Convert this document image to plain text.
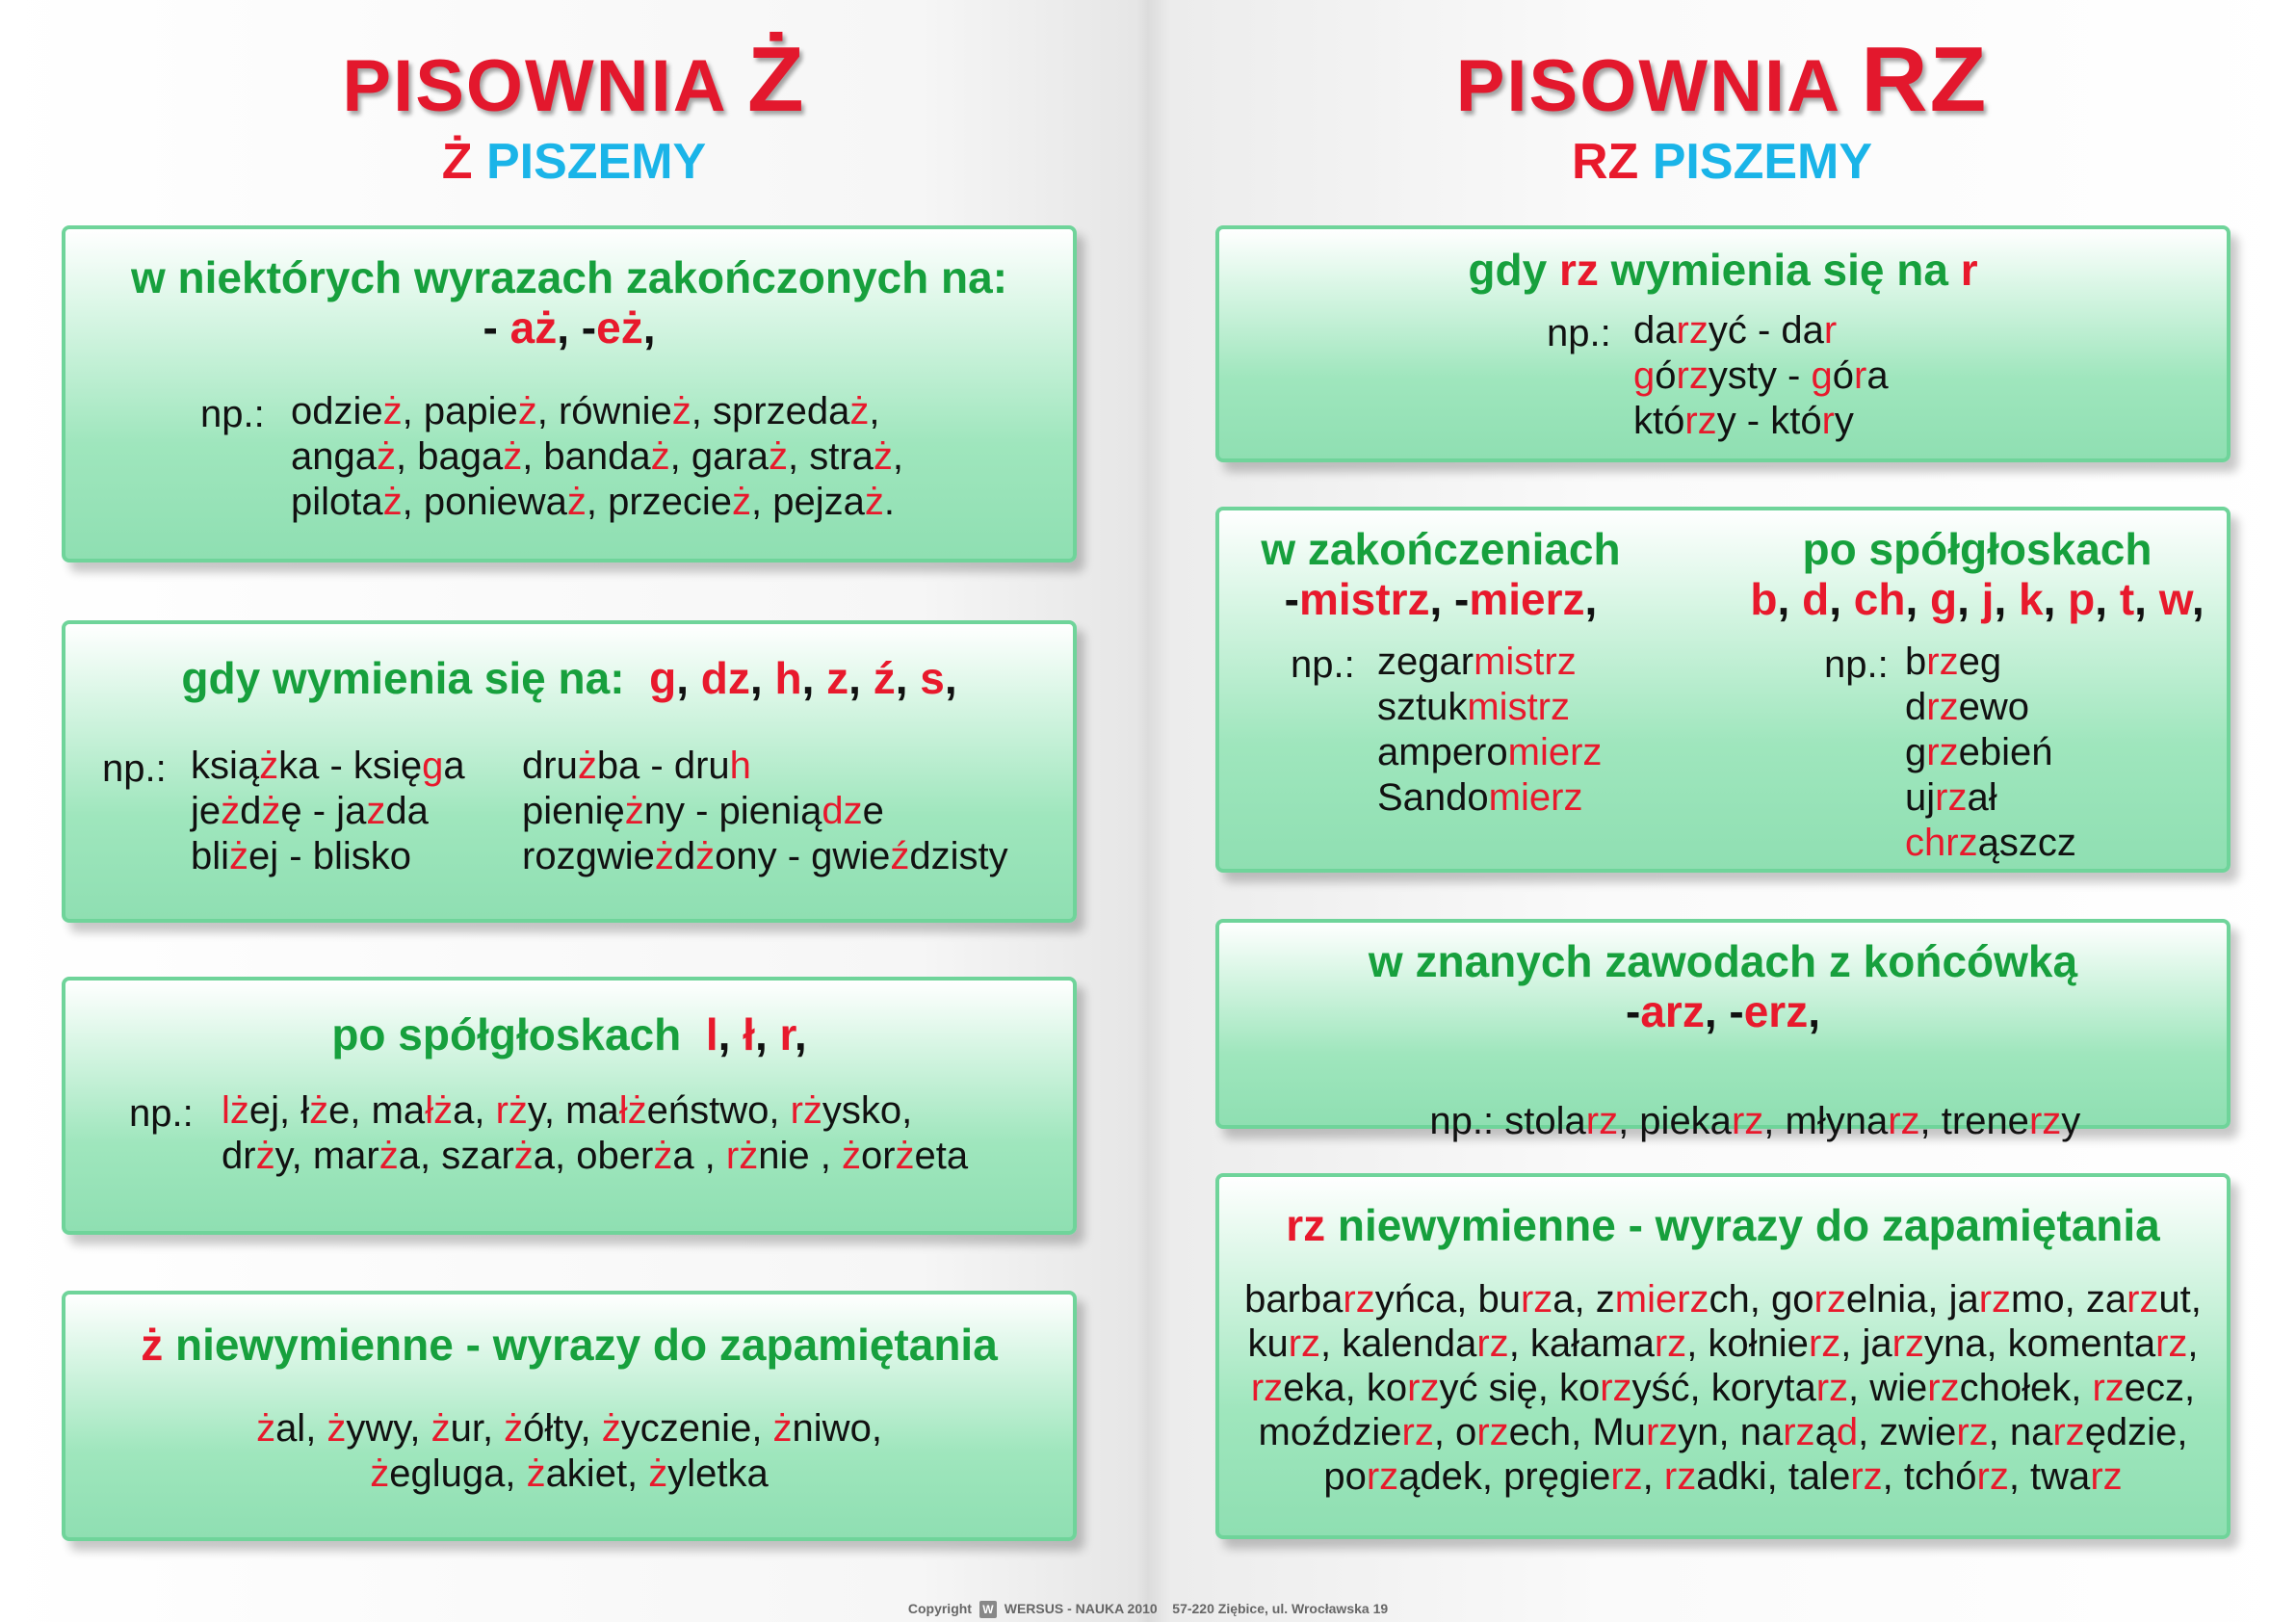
PISOWNIA Ż
Ż PISZEMY
w niektórych wyrazach zakończonych na:
- aż, -eż,
np.: odzież, papież, również, sprzedaż,
angaż, bagaż, bandaż, garaż, straż,
pilotaż, ponieważ, przecież, pejzaż.
gdy wymienia się na: g, dz, h, z, ź, s,
np.: książka - księga
jeżdżę - jazda
bliżej - blisko
drużba - druh
pieniężny - pieniądze
rozgwieżdżony - gwieździsty
po spółgłoskach l, ł, r,
np.: lżej, łże, małża, rży, małżeństwo, rżysko,
drży, marża, szarża, oberża , rżnie , żorżeta
ż niewymienne - wyrazy do zapamiętania
żal, żywy, żur, żółty, życzenie, żniwo,
żegluga, żakiet, żyletka
PISOWNIA RZ
RZ PISZEMY
gdy rz wymienia się na r
np.: darzyć - dar
górzysty - góra
którzy - który
w zakończeniach
-mistrz, -mierz,
po spółgłoskach
b, d, ch, g, j, k, p, t, w,
np.: zegarmistrz
sztukmistrz
amperomierz
Sandomierz
np.: brzeg
drzewo
grzebień
ujrzał
chrząszcz
w znanych zawodach z końcówką
-arz, -erz,

np.: stolarz, piekarz, młynarz, trenerzy

rz niewymienne - wyrazy do zapamiętania
barbarzyńca, burza, zmierzch, gorzelnia, jarzmo, zarzut,
kurz, kalendarz, kałamarz, kołnierz, jarzyna, komentarz,
rzeka, korzyć się, korzyść, korytarz, wierzchołek, rzecz,
moździerz, orzech, Murzyn, narząd, zwierz, narzędzie,
porządek, pręgierz, rzadki, talerz, tchórz, twarz
Copyright W WERSUS - NAUKA 2010 57-220 Ziębice, ul. Wrocławska 19
